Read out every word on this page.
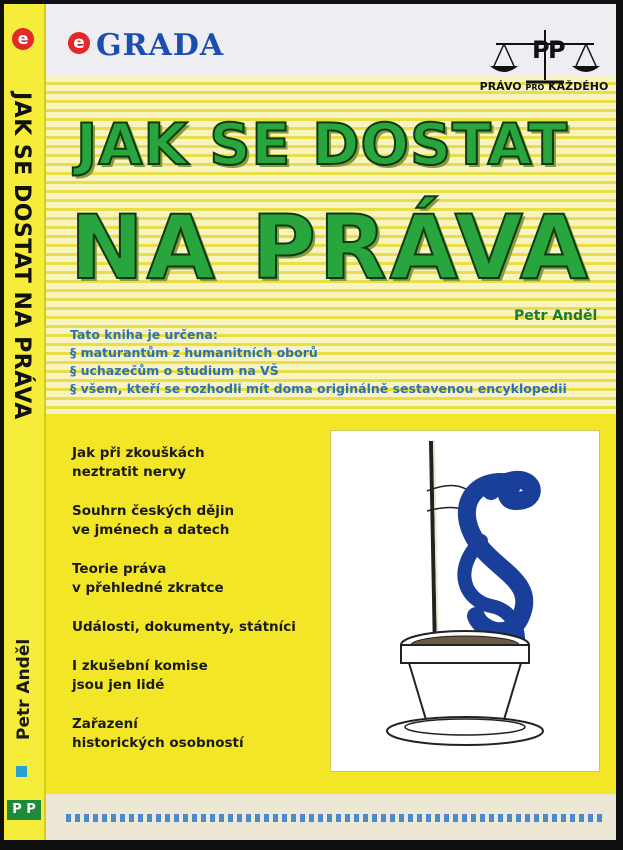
e
JAK SE DOSTAT NA PRÁVA
Petr Anděl
P P
e GRADA	P
P
PRÁVO PRO KAŽDÉHO
JAK SE DOSTAT
NA PRÁVA
Petr Anděl
Tato kniha je určena:
§ maturantům z humanitních oborů
§ uchazečům o studium na VŠ
§ všem, kteří se rozhodli mít doma originálně sestavenou encyklopedii
Jak při zkouškách
neztratit nervy
Souhrn českých dějin
ve jménech a datech
Teorie práva
v přehledné zkratce
Události, dokumenty, státníci
I zkušební komise
jsou jen lidé
Zařazení
historických osobností
